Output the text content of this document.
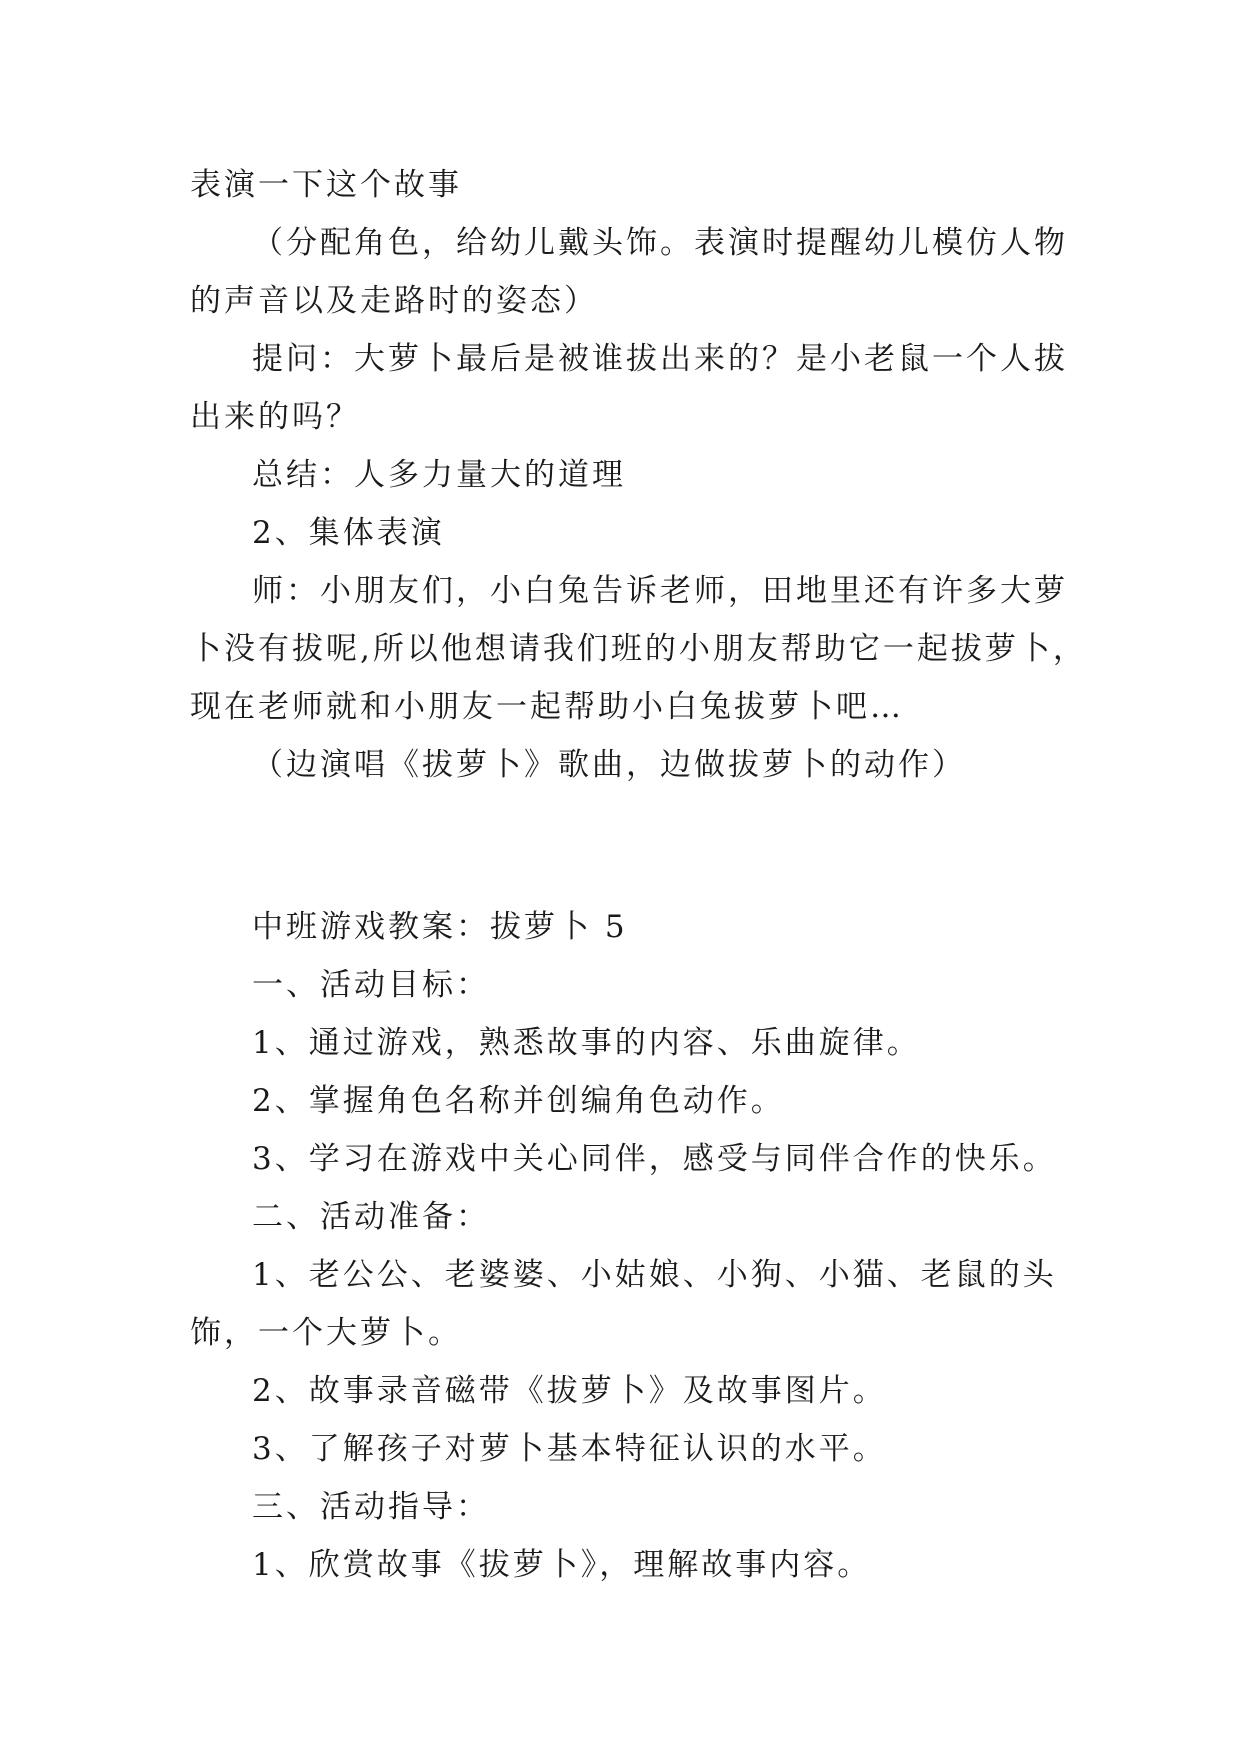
表演一下这个故事

（分配角色，给幼儿戴头饰。表演时提醒幼儿模仿人物

的声音以及走路时的姿态）

提问：大萝卜最后是被谁拔出来的？是小老鼠一个人拔

出来的吗？

总结：人多力量大的道理

2、集体表演

师：小朋友们，小白兔告诉老师，田地里还有许多大萝

卜没有拔呢,所以他想请我们班的小朋友帮助它一起拔萝卜，

现在老师就和小朋友一起帮助小白兔拔萝卜吧…

（边演唱《拔萝卜》歌曲，边做拔萝卜的动作）

中班游戏教案：拔萝卜 5

一、活动目标：

1、通过游戏，熟悉故事的内容、乐曲旋律。

2、掌握角色名称并创编角色动作。

3、学习在游戏中关心同伴，感受与同伴合作的快乐。

二、活动准备：

1、老公公、老婆婆、小姑娘、小狗、小猫、老鼠的头

饰，一个大萝卜。

2、故事录音磁带《拔萝卜》及故事图片。

3、了解孩子对萝卜基本特征认识的水平。

三、活动指导：

1、欣赏故事《拔萝卜》，理解故事内容。
